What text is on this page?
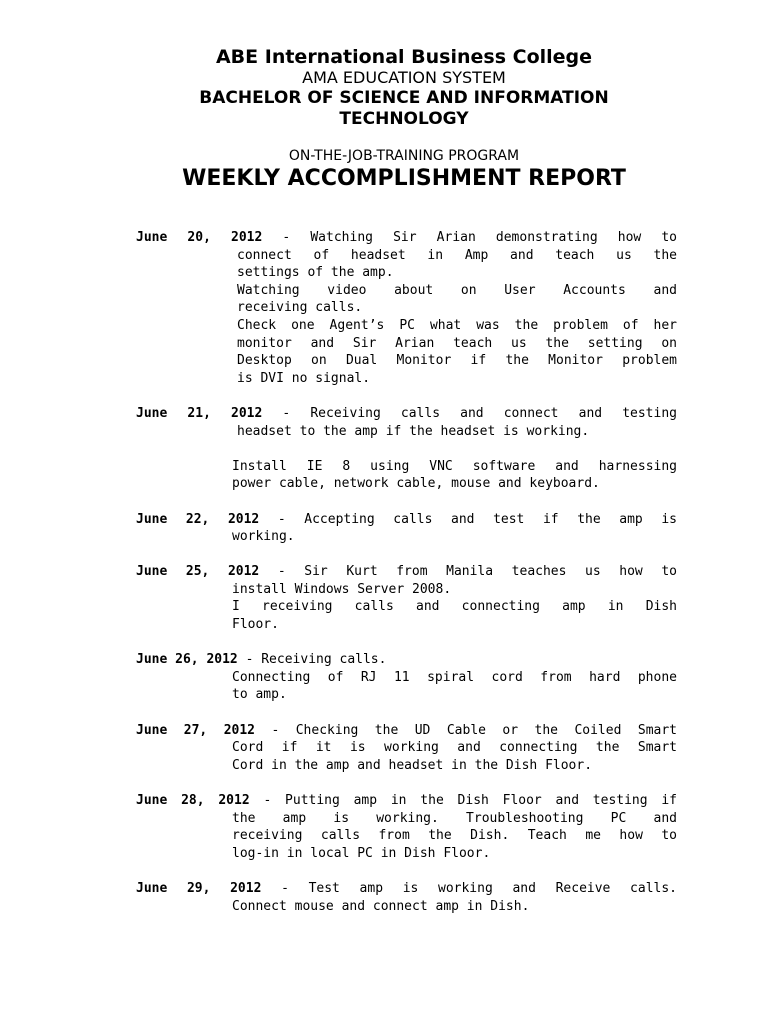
ABE International Business College
AMA EDUCATION SYSTEM
BACHELOR OF SCIENCE AND INFORMATION
TECHNOLOGY
ON-THE-JOB-TRAINING PROGRAM
WEEKLY ACCOMPLISHMENT REPORT
June 20, 2012 - Watching Sir Arian demonstrating how to
connect of headset in Amp and teach us the
settings of the amp.
Watching video about on User Accounts and
receiving calls.
Check one Agent’s PC what was the problem of her
monitor and Sir Arian teach us the setting on
Desktop on Dual Monitor if the Monitor problem
is DVI no signal.
June 21, 2012 - Receiving calls and connect and testing
headset to the amp if the headset is working.
Install IE 8 using VNC software and harnessing
power cable, network cable, mouse and keyboard.
June 22, 2012 - Accepting calls and test if the amp is
working.
June 25, 2012 - Sir Kurt from Manila teaches us how to
install Windows Server 2008.
I receiving calls and connecting amp in Dish
Floor.
June 26, 2012 - Receiving calls.
Connecting of RJ 11 spiral cord from hard phone
to amp.
June 27, 2012 - Checking the UD Cable or the Coiled Smart
Cord if it is working and connecting the Smart
Cord in the amp and headset in the Dish Floor.
June 28, 2012 - Putting amp in the Dish Floor and testing if
the amp is working. Troubleshooting PC and
receiving calls from the Dish. Teach me how to
log-in in local PC in Dish Floor.
June 29, 2012 - Test amp is working and Receive calls.
Connect mouse and connect amp in Dish.
